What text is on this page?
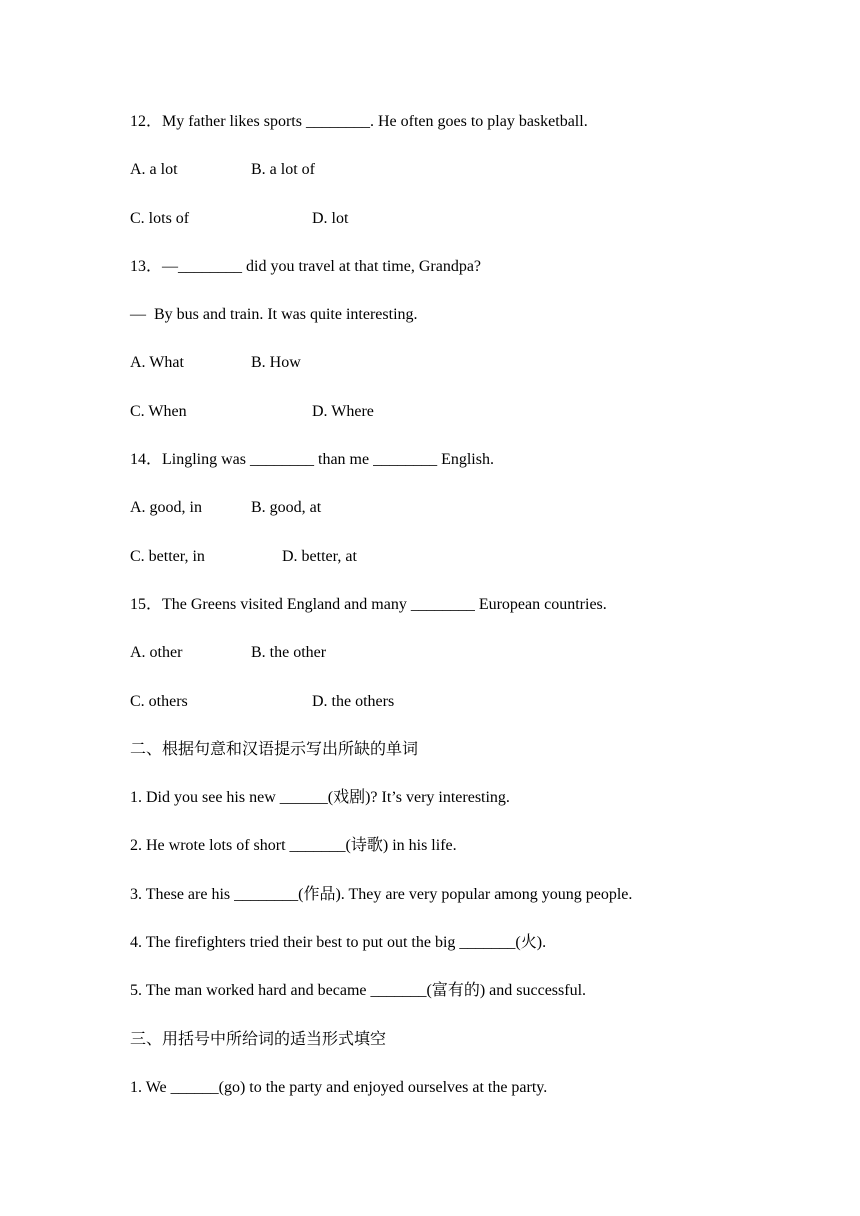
12．My father likes sports ________. He often goes to play basketball.
A. a lot	B. a lot of
C. lots of	D. lot
13．—________ did you travel at that time, Grandpa?
—  By bus and train. It was quite interesting.
A. What	B. How
C. When	D. Where
14．Lingling was ________ than me ________ English.
A. good, in	B. good, at
C. better, in	D. better, at
15．The Greens visited England and many ________ European countries.
A. other	B. the other
C. others	D. the others
二、根据句意和汉语提示写出所缺的单词
1. Did you see his new ______(戏剧)? It’s very interesting.
2. He wrote lots of short _______(诗歌) in his life.
3. These are his ________(作品). They are very popular among young people.
4. The firefighters tried their best to put out the big _______(火).
5. The man worked hard and became _______(富有的) and successful.
三、用括号中所给词的适当形式填空
1. We ______(go) to the party and enjoyed ourselves at the party.
